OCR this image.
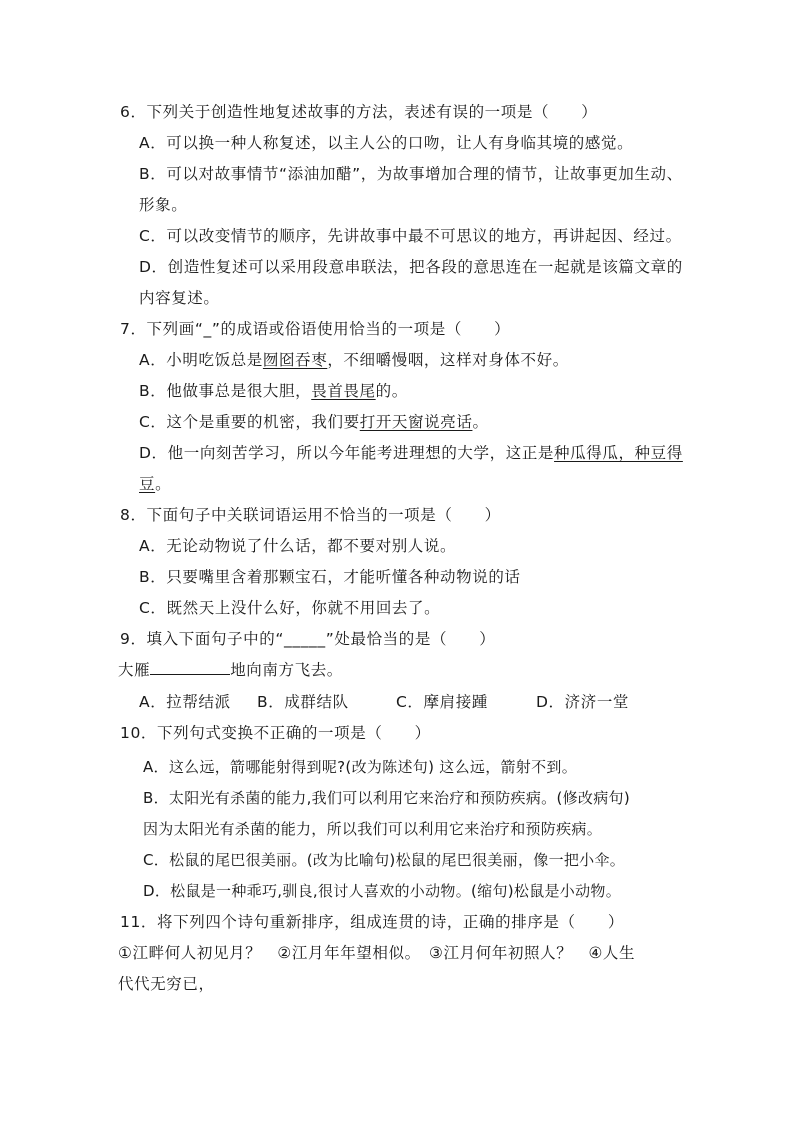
6．下列关于创造性地复述故事的方法，表述有误的一项是（　　）
A．可以换一种人称复述，以主人公的口吻，让人有身临其境的感觉。
B．可以对故事情节“添油加醋”，为故事增加合理的情节，让故事更加生动、
形象。
C．可以改变情节的顺序，先讲故事中最不可思议的地方，再讲起因、经过。
D．创造性复述可以采用段意串联法，把各段的意思连在一起就是该篇文章的
内容复述。
7．下列画“_”的成语或俗语使用恰当的一项是（　　）
A．小明吃饭总是囫囵吞枣，不细嚼慢咽，这样对身体不好。
B．他做事总是很大胆，畏首畏尾的。
C．这个是重要的机密，我们要打开天窗说亮话。
D．他一向刻苦学习，所以今年能考进理想的大学，这正是种瓜得瓜，种豆得
豆。
8．下面句子中关联词语运用不恰当的一项是（　　）
A．无论动物说了什么话，都不要对别人说。
B．只要嘴里含着那颗宝石，才能听懂各种动物说的话
C．既然天上没什么好，你就不用回去了。
9．填入下面句子中的“_____”处最恰当的是（　　）
大雁	地向南方飞去。
A．拉帮结派 B．成群结队	C．摩肩接踵	D．济济一堂
10．下列句式变换不正确的一项是（　　）
A．这么远，箭哪能射得到呢?(改为陈述句) 这么远，箭射不到。
B．太阳光有杀菌的能力,我们可以利用它来治疗和预防疾病。(修改病句)
因为太阳光有杀菌的能力，所以我们可以利用它来治疗和预防疾病。
C．松鼠的尾巴很美丽。(改为比喻句)松鼠的尾巴很美丽，像一把小伞。
D．松鼠是一种乖巧,驯良,很讨人喜欢的小动物。(缩句)松鼠是小动物。
11．将下列四个诗句重新排序，组成连贯的诗，正确的排序是（　　）
①江畔何人初见月？　②江月年年望相似。　③江月何年初照人？　④人生
代代无穷已，
